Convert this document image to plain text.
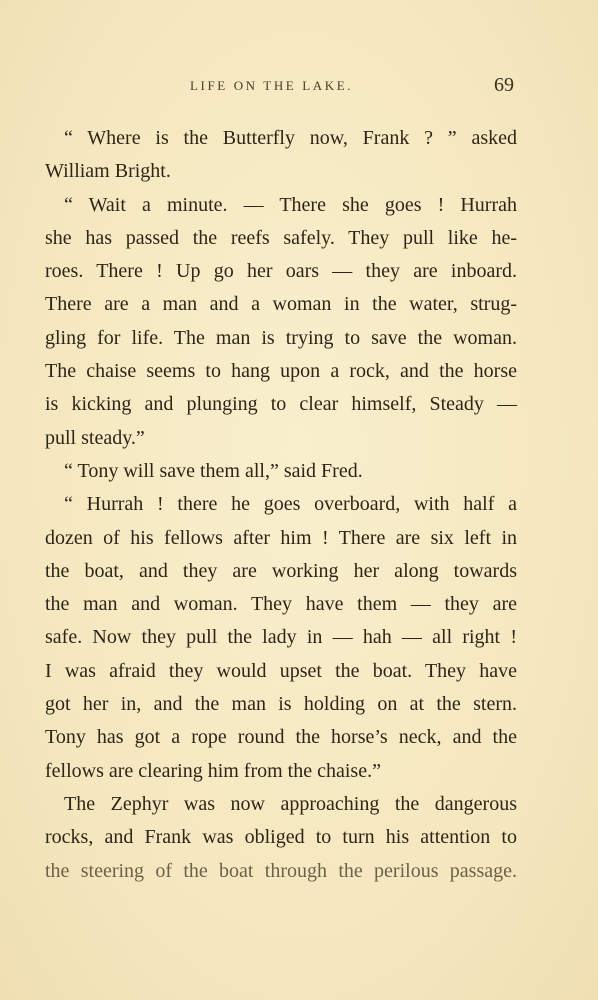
LIFE ON THE LAKE.	69
“ Where is the Butterfly now, Frank ? ” asked
William Bright.
“ Wait a minute. — There she goes ! Hurrah
she has passed the reefs safely. They pull like he-
roes. There ! Up go her oars — they are inboard.
There are a man and a woman in the water, strug-
gling for life. The man is trying to save the woman.
The chaise seems to hang upon a rock, and the horse
is kicking and plunging to clear himself, Steady —
pull steady.”
“ Tony will save them all,” said Fred.
“ Hurrah ! there he goes overboard, with half a
dozen of his fellows after him ! There are six left in
the boat, and they are working her along towards
the man and woman. They have them — they are
safe. Now they pull the lady in — hah — all right !
I was afraid they would upset the boat. They have
got her in, and the man is holding on at the stern.
Tony has got a rope round the horse’s neck, and the
fellows are clearing him from the chaise.”
The Zephyr was now approaching the dangerous
rocks, and Frank was obliged to turn his attention to
the steering of the boat through the perilous passage.
